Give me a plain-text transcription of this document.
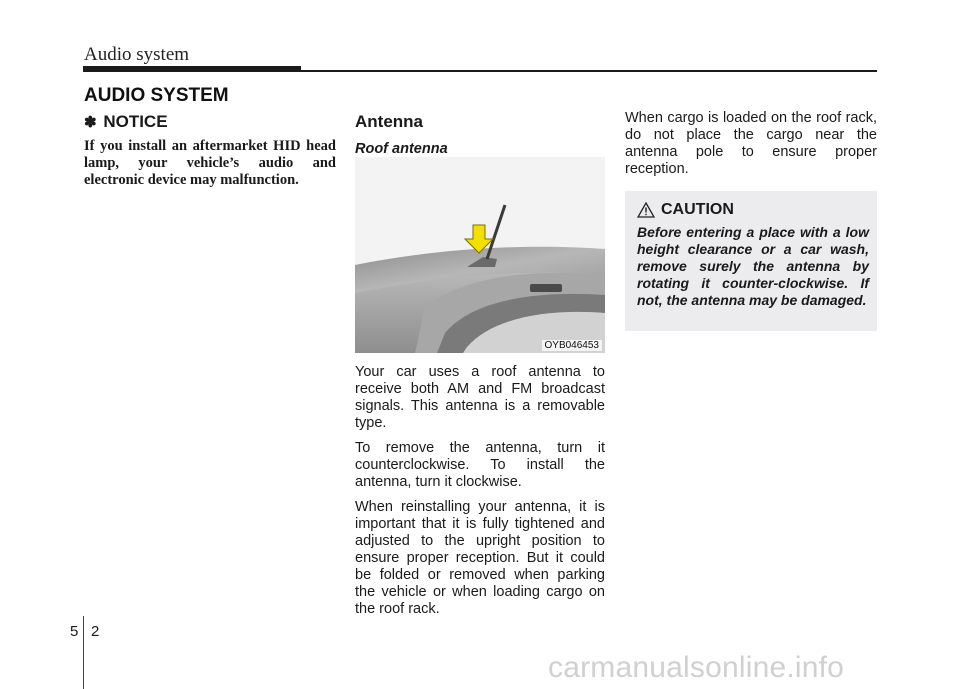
Audio system
AUDIO SYSTEM
✽ NOTICE
If you install an aftermarket HID head lamp, your vehicle’s audio and electronic device may malfunction.
Antenna
Roof antenna
OYB046453

Your car uses a roof antenna to receive both AM and FM broadcast signals. This antenna is a removable type.

To remove the antenna, turn it counterclockwise. To install the antenna, turn it clockwise.

When reinstalling your antenna, it is important that it is fully tightened and adjusted to the upright position to ensure proper reception. But it could be folded or removed when parking the vehicle or when loading cargo on the roof rack.

When cargo is loaded on the roof rack, do not place the cargo near the antenna pole to ensure proper reception.

CAUTION
Before entering a place with a low height clearance or a car wash, remove surely the antenna by rotating it counter-clockwise. If not, the antenna may be damaged.
5 2
carmanualsonline.info
